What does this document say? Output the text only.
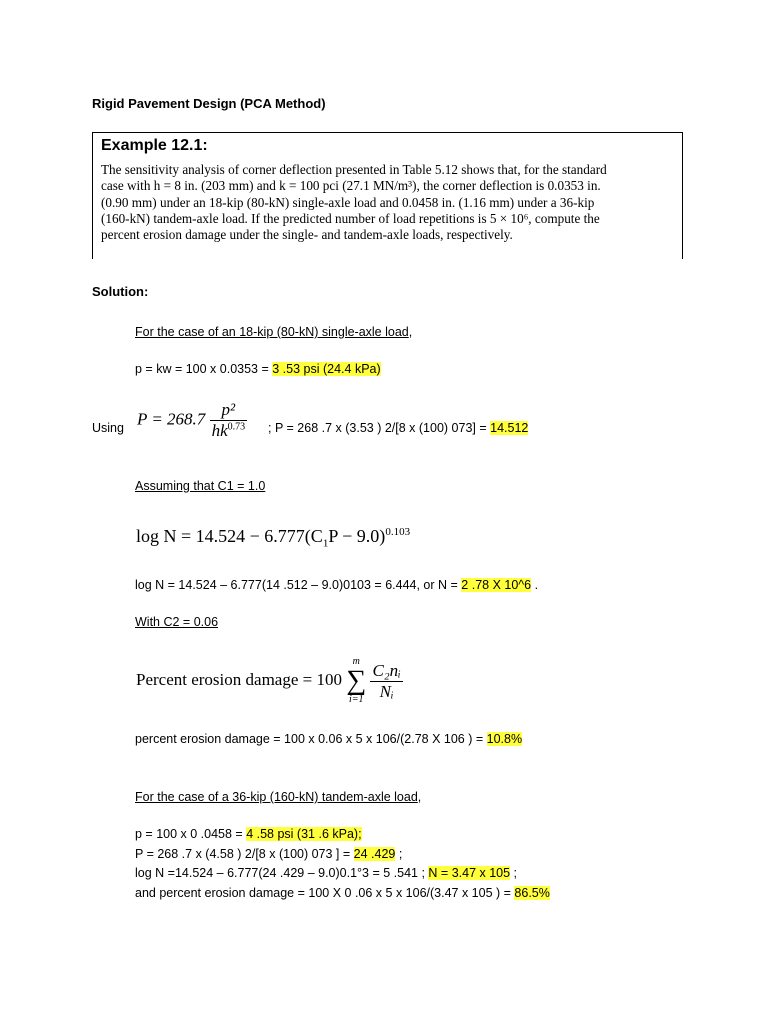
Rigid Pavement Design (PCA Method)
Example 12.1:
The sensitivity analysis of corner deflection presented in Table 5.12 shows that, for the standard
case with h = 8 in. (203 mm) and k = 100 pci (27.1 MN/m³), the corner deflection is 0.0353 in.
(0.90 mm) under an 18-kip (80-kN) single-axle load and 0.0458 in. (1.16 mm) under a 36-kip
(160-kN) tandem-axle load. If the predicted number of load repetitions is 5 × 10⁶, compute the
percent erosion damage under the single- and tandem-axle loads, respectively.
Solution:
For the case of an 18-kip (80-kN) single-axle load,
p = kw = 100 x 0.0353 = 3 .53 psi (24.4 kPa)
Using $P = 268.7 \frac{\text{p²}}{hk^{0.73}}$ ; P = 268 .7 x (3.53 ) 2/[8 x (100) 073] = 14.512
Assuming that C1 = 1.0
$\log N = 14.524 - 6.777(C_1P - 9.0)^{0.103}$
log N = 14.524 – 6.777(14 .512 – 9.0)0103 = 6.444, or N = 2 .78 X 10^6 .
With C2 = 0.06
Percent erosion damage = 100
m
∑
i=1
$\frac{\text{C₂nᵢ}}{\text{Nᵢ}}$
percent erosion damage = 100 x 0.06 x 5 x 106/(2.78 X 106 ) = 10.8%
For the case of a 36-kip (160-kN) tandem-axle load,
p = 100 x 0 .0458 = 4 .58 psi (31 .6 kPa);
P = 268 .7 x (4.58 ) 2/[8 x (100) 073 ] = 24 .429 ;
log N =14.524 – 6.777(24 .429 – 9.0)0.1°3 = 5 .541 ; N = 3.47 x 105 ;
and percent erosion damage = 100 X 0 .06 x 5 x 106/(3.47 x 105 ) = 86.5%
